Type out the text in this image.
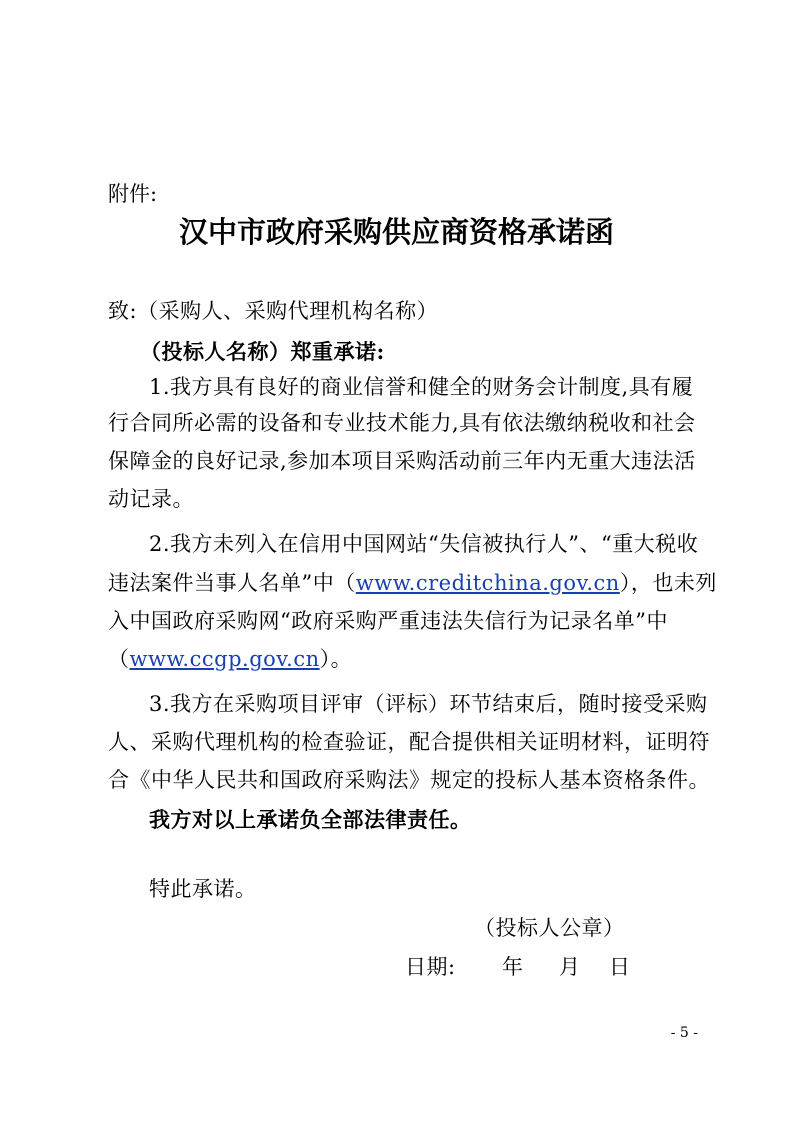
附件:

汉中市政府采购供应商资格承诺函

致:（采购人、采购代理机构名称）

（投标人名称）郑重承诺:

1.我方具有良好的商业信誉和健全的财务会计制度,具有履

行合同所必需的设备和专业技术能力,具有依法缴纳税收和社会

保障金的良好记录,参加本项目采购活动前三年内无重大违法活

动记录。

2.我方未列入在信用中国网站“失信被执行人”、“重大税收

违法案件当事人名单”中（www.creditchina.gov.cn），也未列

入中国政府采购网“政府采购严重违法失信行为记录名单”中

（www.ccgp.gov.cn）。

3.我方在采购项目评审（评标）环节结束后，随时接受采购

人、采购代理机构的检查验证，配合提供相关证明材料，证明符

合《中华人民共和国政府采购法》规定的投标人基本资格条件。

我方对以上承诺负全部法律责任。

特此承诺。

（投标人公章）

日期: 年 月 日

- 5 -
